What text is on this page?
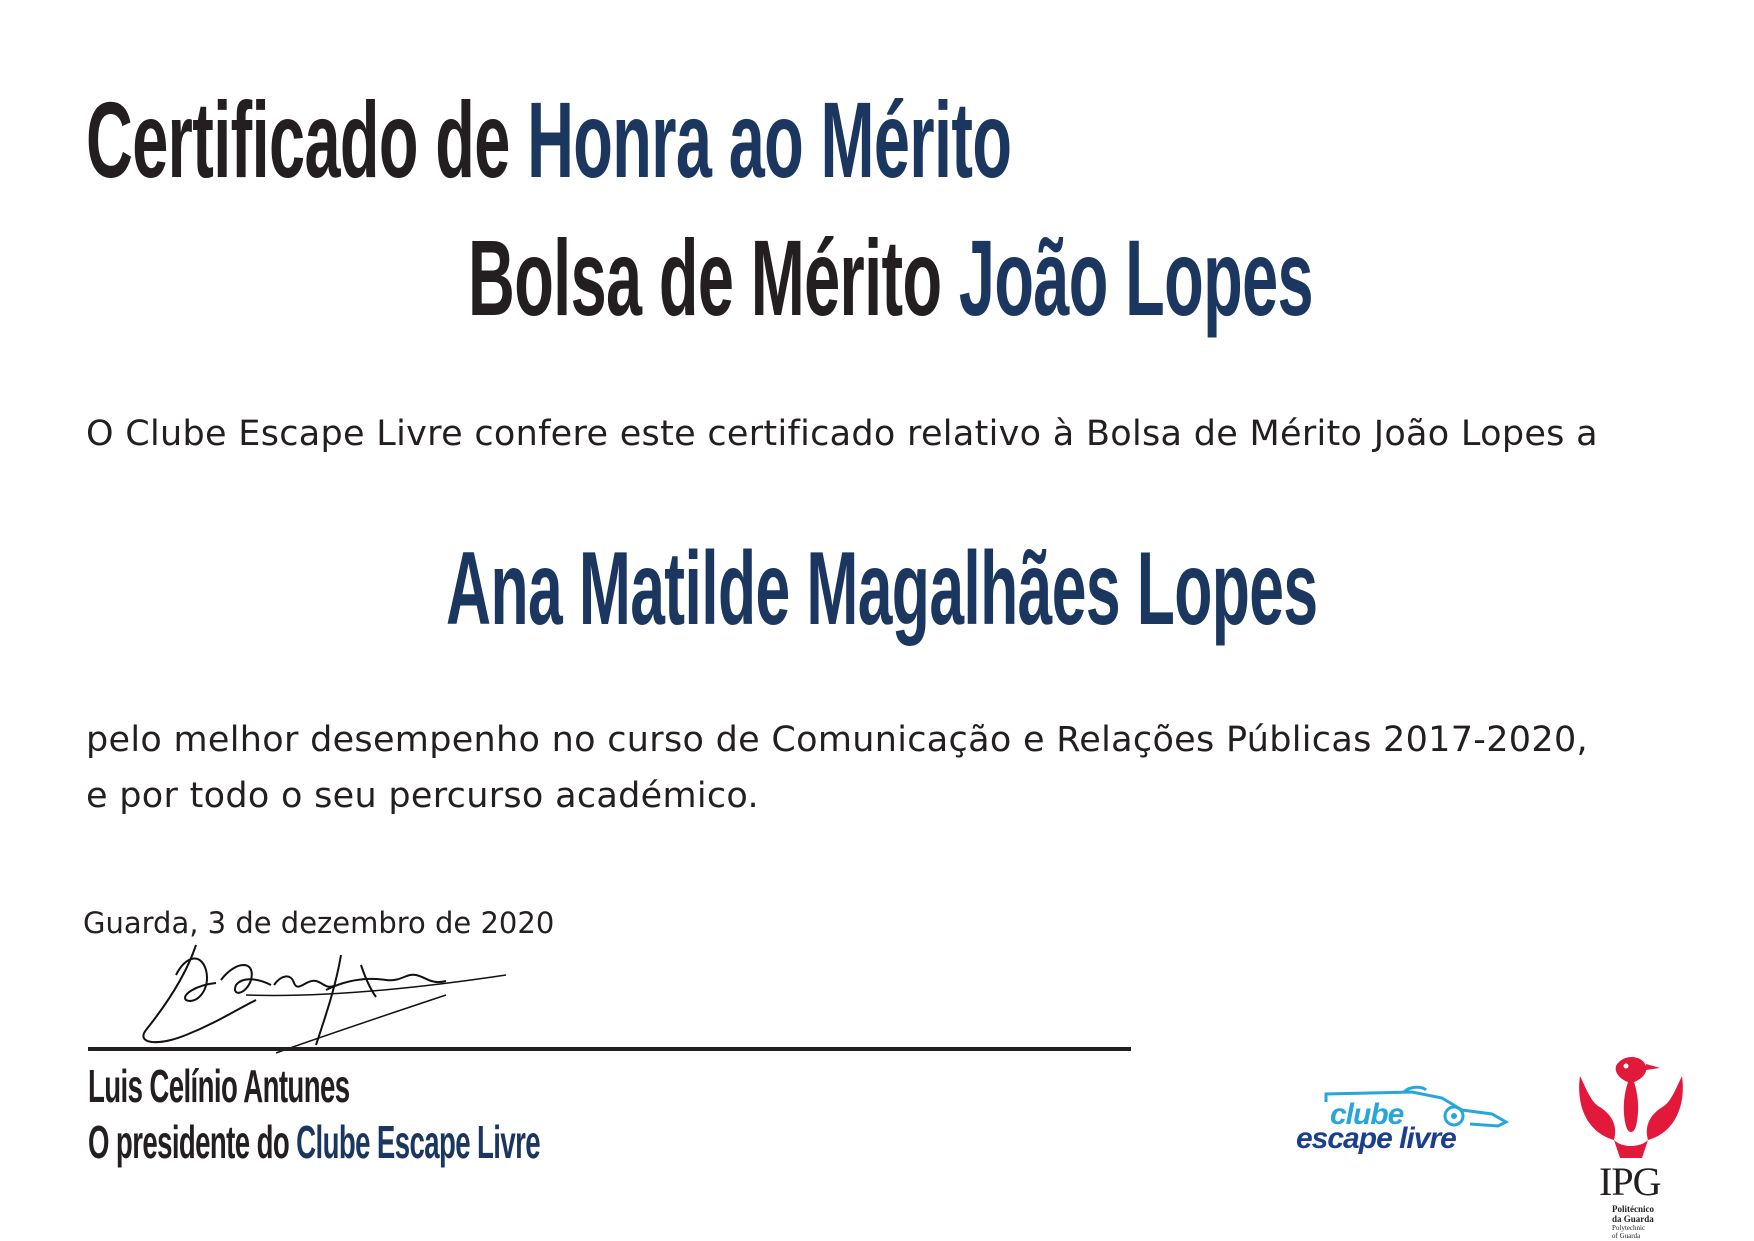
Certificado de Honra ao Mérito
Bolsa de Mérito João Lopes
O Clube Escape Livre confere este certificado relativo à Bolsa de Mérito João Lopes a
Ana Matilde Magalhães Lopes
pelo melhor desempenho no curso de Comunicação e Relações Públicas 2017-2020,
e por todo o seu percurso académico.
Guarda, 3 de dezembro de 2020
Luis Celínio Antunes
O presidente do Clube Escape Livre
clube
escape livre
IPG
Politécnico
da Guarda
Polytechnic
of Guarda
